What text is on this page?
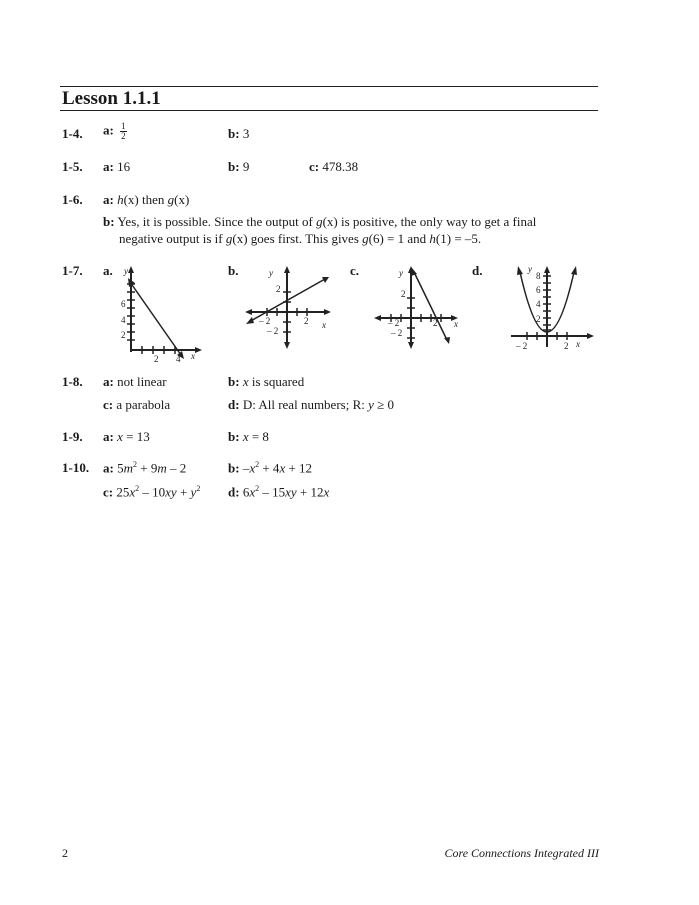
Lesson 1.1.1
1-4. a: $\frac{1}{2}$	b: 3
1-5. a: 16	b: 9	c: 478.38
1-6. a: h(x) then g(x)
b: Yes, it is possible. Since the output of g(x) is positive, the only way to get a final
negative output is if g(x) goes first. This gives g(6) = 1 and h(1) = –5.
1-7. a.	b.	c.	d.
y
x
6
4
2
2 4
y
x
2
– 2
– 2	2
y
x
2
– 2
– 2	2
y
x
8
6
4
2
– 2	2
1-8. a: not linear	b: x is squared
c: a parabola	d: D: All real numbers; R: y ≥ 0
1-9. a: x = 13	b: x = 8
1-10. a: $5m^2 + 9m - 2$	b: $-x^2 + 4x + 12$
c: $25x^2 - 10xy + y^2$ d: $6x^2 - 15xy + 12x$
2	Core Connections Integrated III
